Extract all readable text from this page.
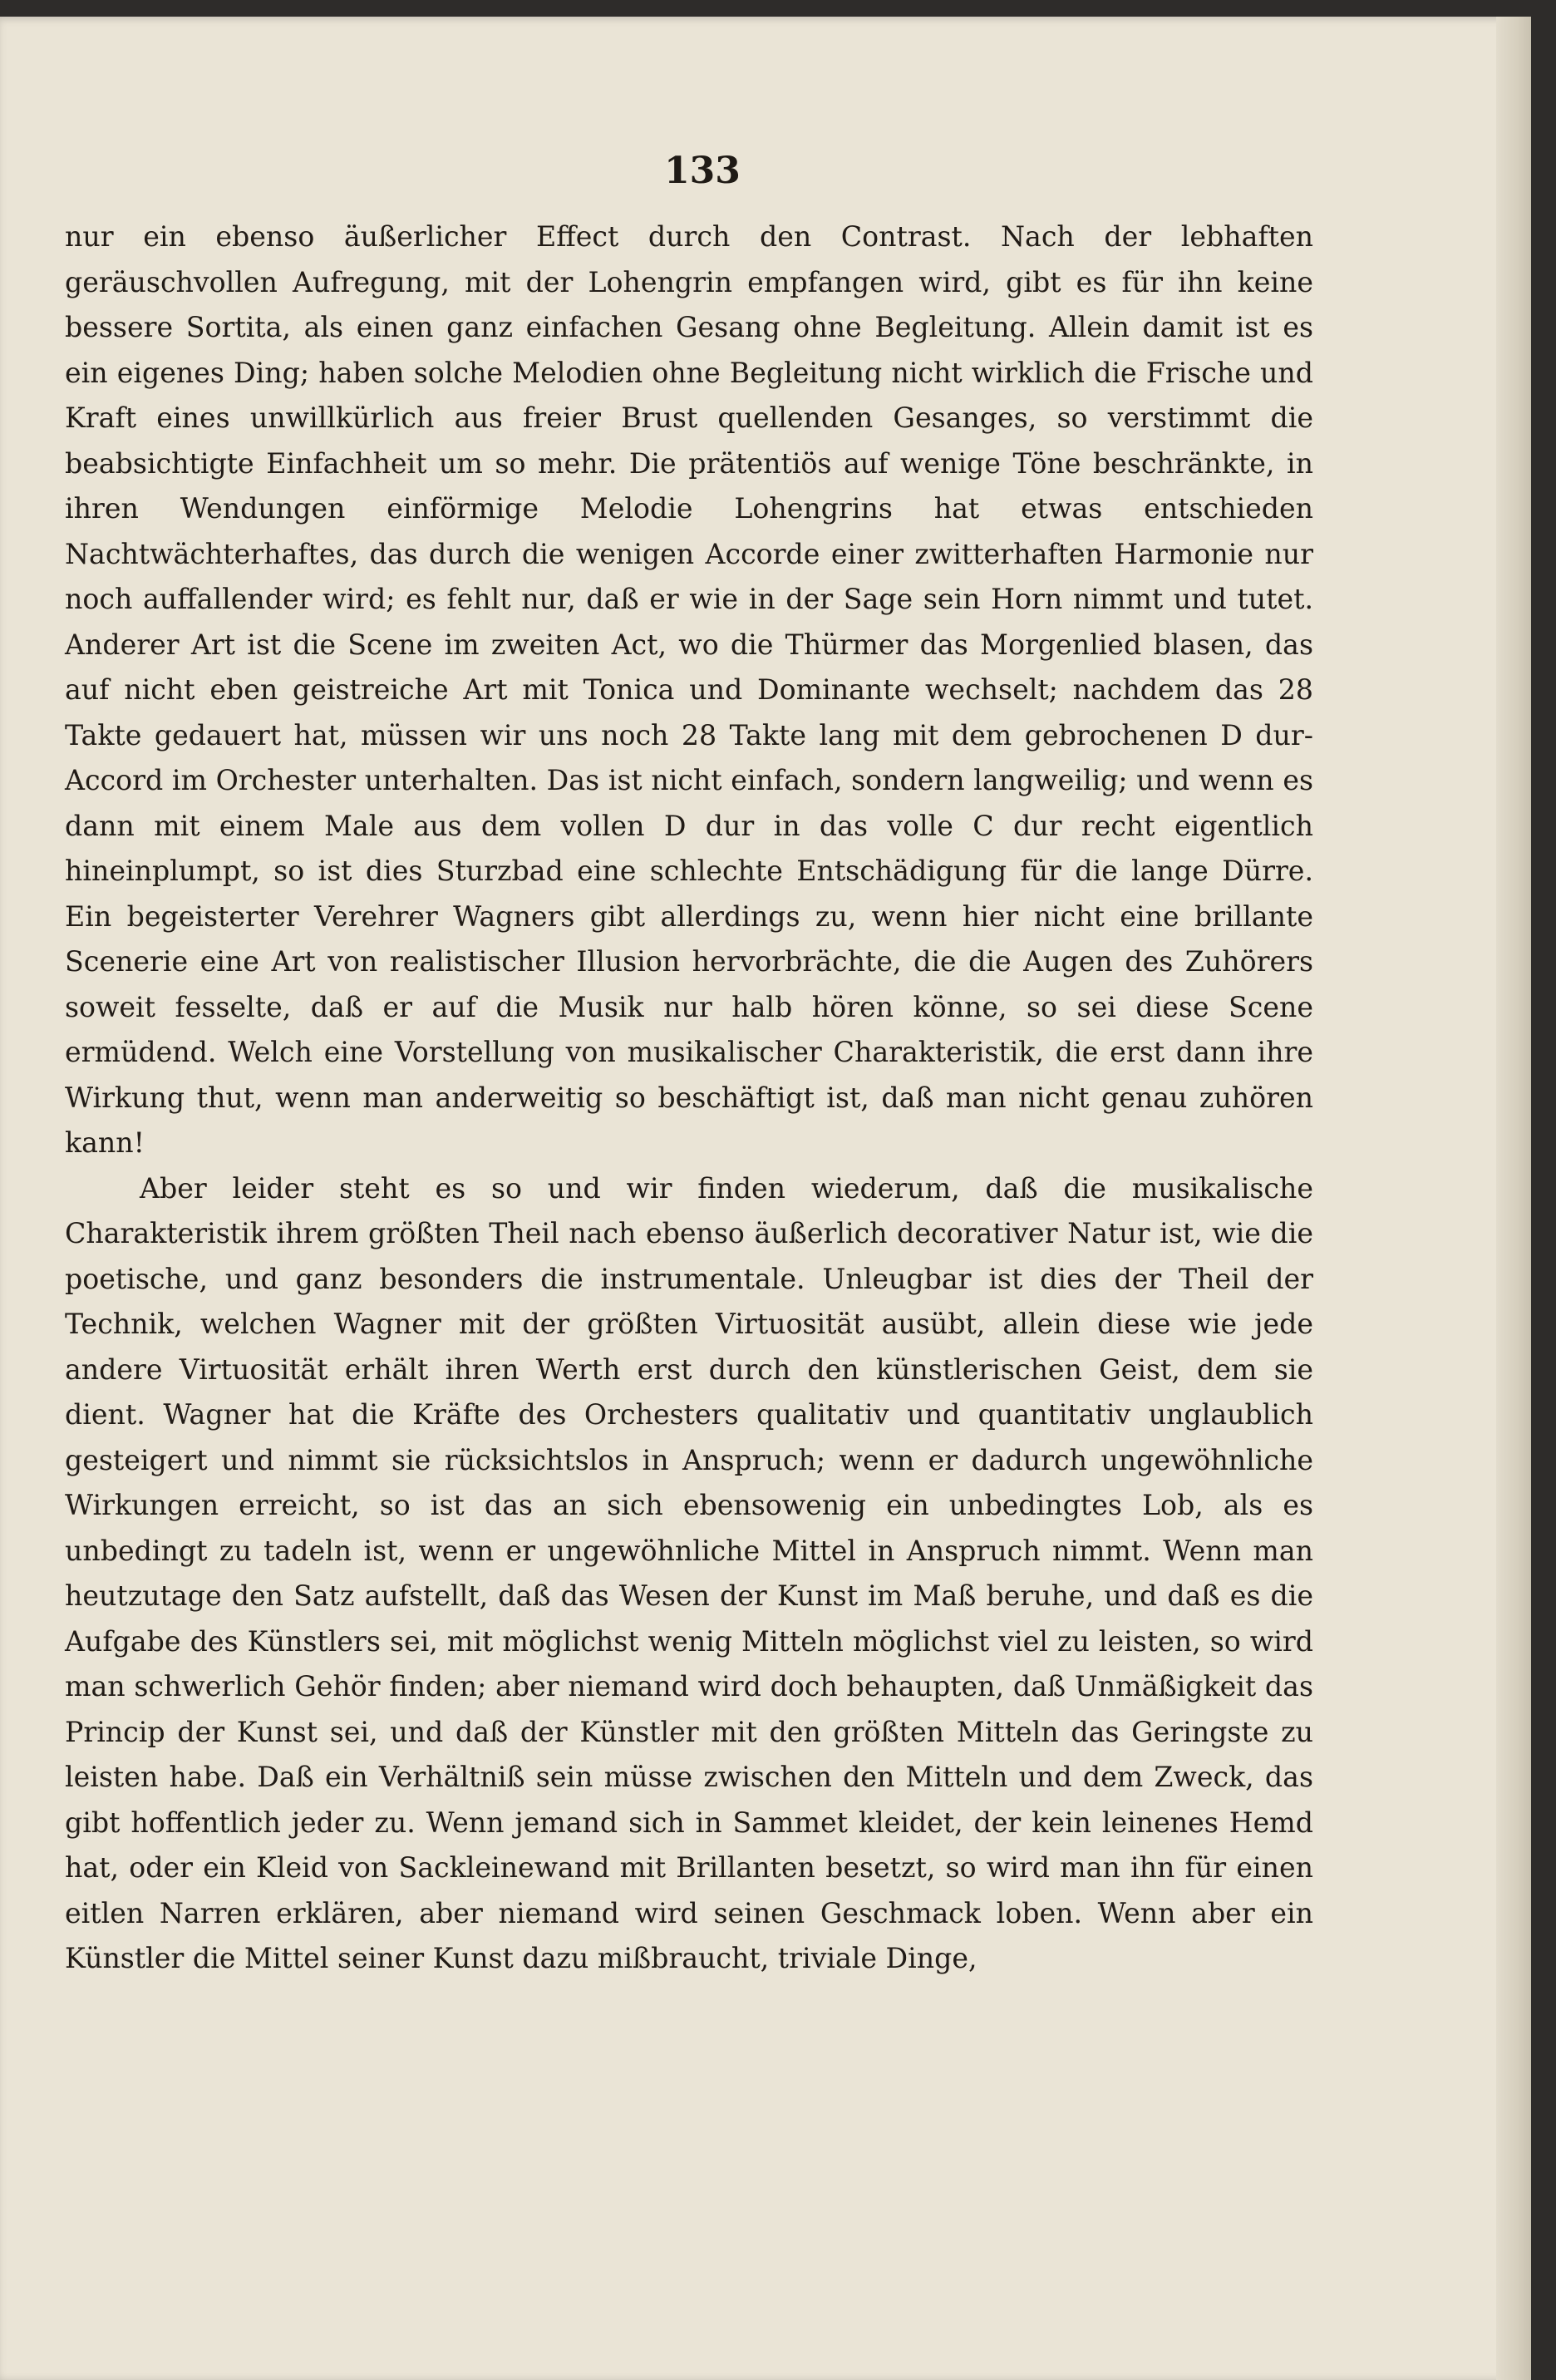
133

nur ein ebenso äußerlicher Effect durch den Contrast. Nach der lebhaften geräuschvollen Aufregung, mit der Lohengrin empfangen wird, gibt es für ihn keine bessere Sortita, als einen ganz einfachen Gesang ohne Begleitung. Allein damit ist es ein eigenes Ding; haben solche Melodien ohne Begleitung nicht wirklich die Frische und Kraft eines unwillkürlich aus freier Brust quellenden Gesanges, so verstimmt die beabsichtigte Einfachheit um so mehr. Die prätentiös auf wenige Töne beschränkte, in ihren Wendungen einförmige Melodie Lohengrins hat etwas entschieden Nachtwächterhaftes, das durch die wenigen Accorde einer zwitterhaften Harmonie nur noch auffallender wird; es fehlt nur, daß er wie in der Sage sein Horn nimmt und tutet. Anderer Art ist die Scene im zweiten Act, wo die Thürmer das Morgenlied blasen, das auf nicht eben geistreiche Art mit Tonica und Dominante wechselt; nachdem das 28 Takte gedauert hat, müssen wir uns noch 28 Takte lang mit dem gebrochenen D dur-Accord im Orchester unterhalten. Das ist nicht einfach, sondern langweilig; und wenn es dann mit einem Male aus dem vollen D dur in das volle C dur recht eigentlich hineinplumpt, so ist dies Sturzbad eine schlechte Entschädigung für die lange Dürre. Ein begeisterter Verehrer Wagners gibt allerdings zu, wenn hier nicht eine brillante Scenerie eine Art von realistischer Illusion hervorbrächte, die die Augen des Zuhörers soweit fesselte, daß er auf die Musik nur halb hören könne, so sei diese Scene ermüdend. Welch eine Vorstellung von musikalischer Charakteristik, die erst dann ihre Wirkung thut, wenn man anderweitig so beschäftigt ist, daß man nicht genau zuhören kann!

Aber leider steht es so und wir finden wiederum, daß die musikalische Charakteristik ihrem größten Theil nach ebenso äußerlich decorativer Natur ist, wie die poetische, und ganz besonders die instrumentale. Unleugbar ist dies der Theil der Technik, welchen Wagner mit der größten Virtuosität ausübt, allein diese wie jede andere Virtuosität erhält ihren Werth erst durch den künstlerischen Geist, dem sie dient. Wagner hat die Kräfte des Orchesters qualitativ und quantitativ unglaublich gesteigert und nimmt sie rücksichtslos in Anspruch; wenn er dadurch ungewöhnliche Wirkungen erreicht, so ist das an sich ebensowenig ein unbedingtes Lob, als es unbedingt zu tadeln ist, wenn er ungewöhnliche Mittel in Anspruch nimmt. Wenn man heutzutage den Satz aufstellt, daß das Wesen der Kunst im Maß beruhe, und daß es die Aufgabe des Künstlers sei, mit möglichst wenig Mitteln möglichst viel zu leisten, so wird man schwerlich Gehör finden; aber niemand wird doch behaupten, daß Unmäßigkeit das Princip der Kunst sei, und daß der Künstler mit den größten Mitteln das Geringste zu leisten habe. Daß ein Verhältniß sein müsse zwischen den Mitteln und dem Zweck, das gibt hoffentlich jeder zu. Wenn jemand sich in Sammet kleidet, der kein leinenes Hemd hat, oder ein Kleid von Sackleinewand mit Brillanten besetzt, so wird man ihn für einen eitlen Narren erklären, aber niemand wird seinen Geschmack loben. Wenn aber ein Künstler die Mittel seiner Kunst dazu mißbraucht, triviale Dinge,
